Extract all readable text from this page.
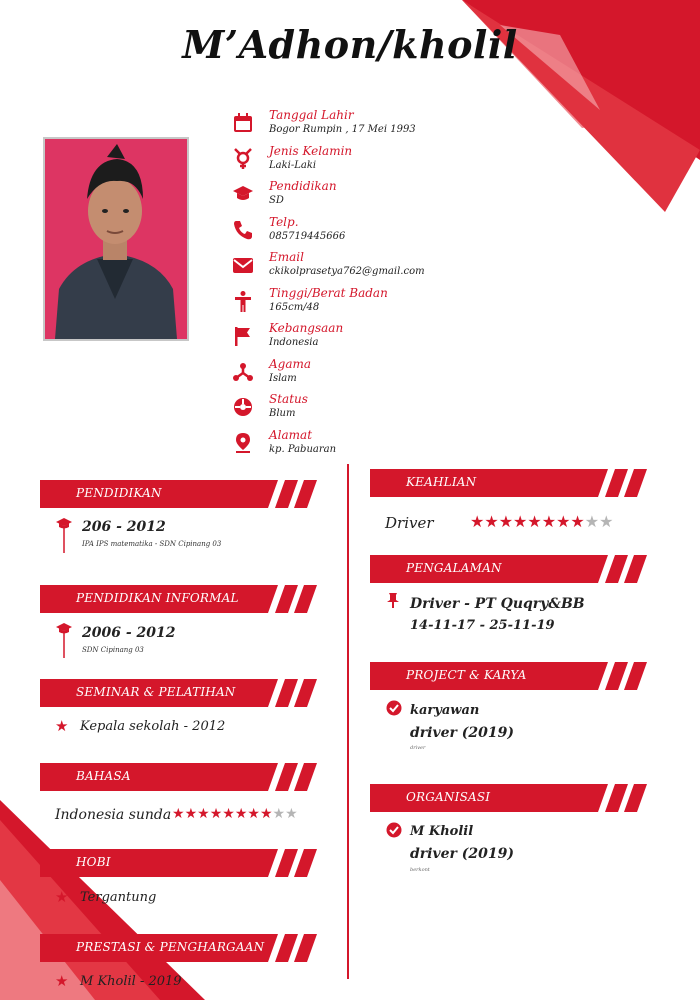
M’Adhon/kholil
Tanggal Lahir
Bogor Rumpin , 17 Mei 1993
Jenis Kelamin
Laki-Laki
Pendidikan
SD
Telp.
085719445666
Email
ckikolprasetya762@gmail.com
Tinggi/Berat Badan
165cm/48
Kebangsaan
Indonesia
Agama
Islam
Status
Blum
Alamat
kp. Pabuaran
PENDIDIKAN
206 - 2012
IPA IPS matematika - SDN Cipinang 03
PENDIDIKAN INFORMAL
2006 - 2012
SDN Cipinang 03
SEMINAR & PELATIHAN
★ Kepala sekolah - 2012
BAHASA
Indonesia sunda ★★★★★★★★★★
HOBI
★ Tergantung
PRESTASI & PENGHARGAAN
★ M Kholil - 2019
KEAHLIAN
Driver ★★★★★★★★★★
PENGALAMAN
Driver - PT Quqry&BB
14-11-17 - 25-11-19
PROJECT & KARYA
karyawan
driver (2019)
driver
ORGANISASI
M Kholil
driver (2019)
berkont
